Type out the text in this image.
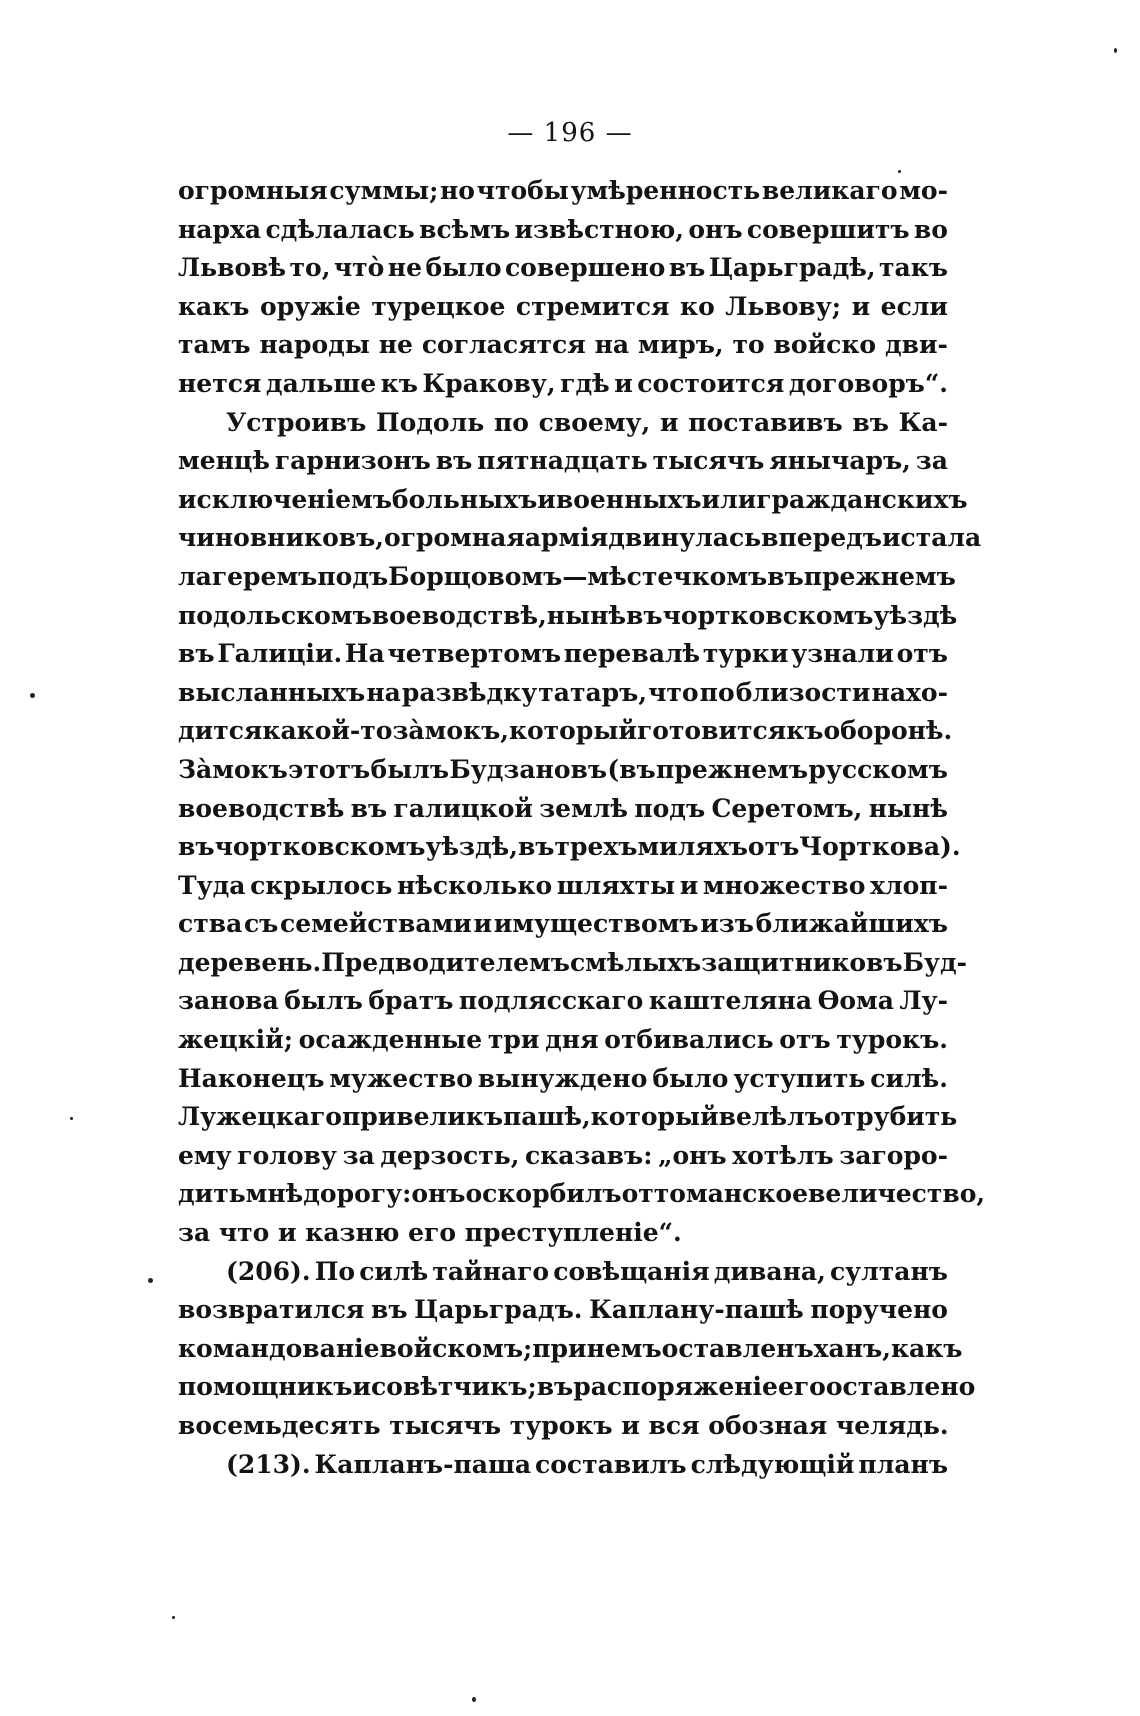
— 196 —
огромныя суммы; но чтобы умѣренность великаго мо-
нарха сдѣлалась всѣмъ извѣстною, онъ совершитъ во
Львовѣ то, что̀ не было совершено въ Царьградѣ, такъ
какъ оружіе турецкое стремится ко Львову; и если
тамъ народы не согласятся на миръ, то войско дви-
нется дальше къ Кракову, гдѣ и состоится договоръ“.
Устроивъ Подоль по своему, и поставивъ въ Ка-
менцѣ гарнизонъ въ пятнадцать тысячъ янычаръ, за
исключеніемъ больныхъ и военныхъ или гражданскихъ
чиновниковъ, огромная армія двинулась впередъ и стала
лагеремъ подъ Борщовомъ — мѣстечкомъ въ прежнемъ
подольскомъ воеводствѣ, нынѣ въ чортковскомъ уѣздѣ
въ Галиціи. На четвертомъ перевалѣ турки узнали отъ
высланныхъ на развѣдку татаръ, что по близости нахо-
дится какой-то за̀мокъ, который готовится къ оборонѣ.
За̀мокъ этотъ былъ Будзановъ (въ прежнемъ русскомъ
воеводствѣ въ галицкой землѣ подъ Серетомъ, нынѣ
въ чортковскомъ уѣздѣ, въ трехъ миляхъ отъ Чорткова).
Туда скрылось нѣсколько шляхты и множество хлоп-
ства съ семействами и имуществомъ изъ ближайшихъ
деревень. Предводителемъ смѣлыхъ защитниковъ Буд-
занова былъ братъ подлясскаго каштеляна Ѳома Лу-
жецкій; осажденные три дня отбивались отъ турокъ.
Наконецъ мужество вынуждено было уступить силѣ.
Лужецкаго привели къ пашѣ, который велѣлъ отрубить
ему голову за дерзость, сказавъ: „онъ хотѣлъ загоро-
дить мнѣ дорогу: онъ оскорбилъ оттоманское величество,
за что и казню его преступленіе“.
(206). По силѣ тайнаго совѣщанія дивана, султанъ
возвратился въ Царьградъ. Каплану-пашѣ поручено
командованіе войскомъ; при немъ оставленъ ханъ, какъ
помощникъ и совѣтчикъ; въ распоряженіе его оставлено
восемьдесять тысячъ турокъ и вся обозная челядь.
(213). Капланъ-паша составилъ слѣдующій планъ
